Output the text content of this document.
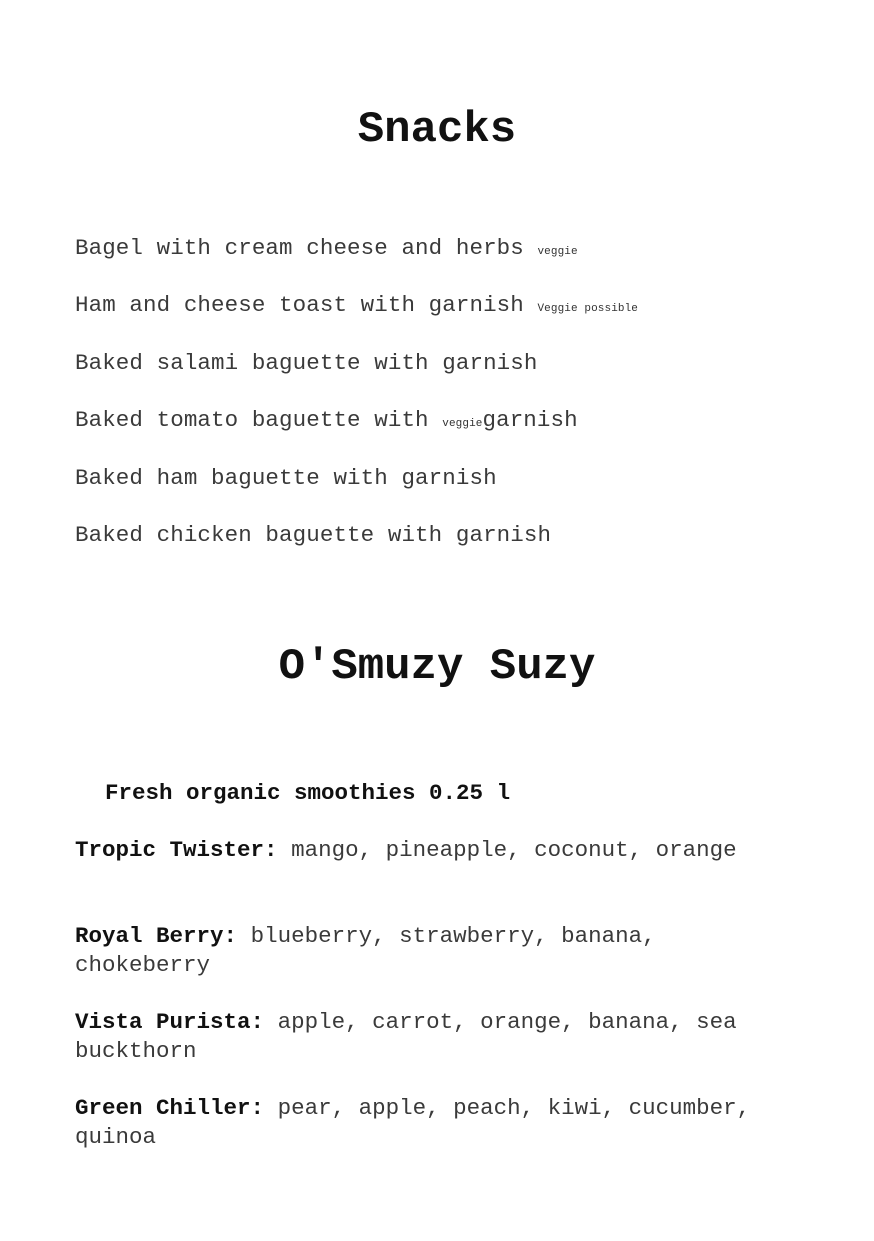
Snacks
Bagel with cream cheese and herbs veggie
Ham and cheese toast with garnish Veggie possible
Baked salami baguette with garnish
Baked tomato baguette with veggiegarnish
Baked ham baguette with garnish
Baked chicken baguette with garnish
O'Smuzy Suzy
Fresh organic smoothies 0.25 l
Tropic Twister: mango, pineapple, coconut, orange
Royal Berry: blueberry, strawberry, banana, chokeberry
Vista Purista: apple, carrot, orange, banana, sea buckthorn
Green Chiller: pear, apple, peach, kiwi, cucumber, quinoa
